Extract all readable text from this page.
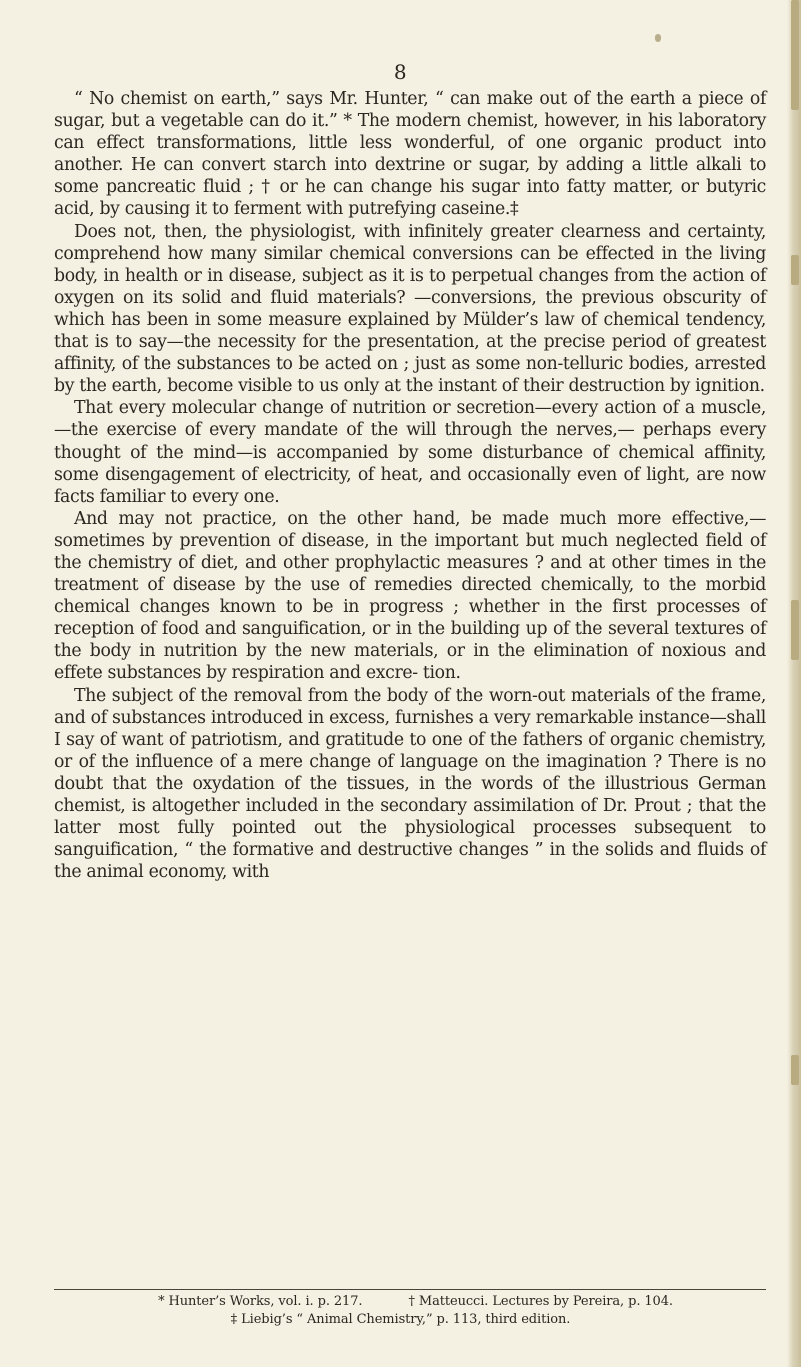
8

“ No chemist on earth,” says Mr. Hunter, “ can make out of the earth a piece of sugar, but a vegetable can do it.” * The modern chemist, however, in his laboratory can effect transformations, little less wonderful, of one organic product into another. He can convert starch into dextrine or sugar, by adding a little alkali to some pancreatic fluid ; † or he can change his sugar into fatty matter, or butyric acid, by causing it to ferment with putrefying caseine.‡

Does not, then, the physiologist, with infinitely greater clearness and certainty, comprehend how many similar chemical conversions can be effected in the living body, in health or in disease, subject as it is to perpetual changes from the action of oxygen on its solid and fluid materials? —conversions, the previous obscurity of which has been in some measure explained by Mülder’s law of chemical tendency, that is to say—the necessity for the presentation, at the precise period of greatest affinity, of the substances to be acted on ; just as some non-telluric bodies, arrested by the earth, become visible to us only at the instant of their destruction by ignition.

That every molecular change of nutrition or secretion—every action of a muscle,—the exercise of every mandate of the will through the nerves,— perhaps every thought of the mind—is accompanied by some disturbance of chemical affinity, some disengagement of electricity, of heat, and occasionally even of light, are now facts familiar to every one.

And may not practice, on the other hand, be made much more effective,— sometimes by prevention of disease, in the important but much neglected field of the chemistry of diet, and other prophylactic measures ? and at other times in the treatment of disease by the use of remedies directed chemically, to the morbid chemical changes known to be in progress ; whether in the first processes of reception of food and sanguification, or in the building up of the several textures of the body in nutrition by the new materials, or in the elimination of noxious and effete substances by respiration and excre- tion.

The subject of the removal from the body of the worn-out materials of the frame, and of substances introduced in excess, furnishes a very remarkable instance—shall I say of want of patriotism, and gratitude to one of the fathers of organic chemistry, or of the influence of a mere change of language on the imagination ? There is no doubt that the oxydation of the tissues, in the words of the illustrious German chemist, is altogether included in the secondary assimilation of Dr. Prout ; that the latter most fully pointed out the physiological processes subsequent to sanguification, “ the formative and destructive changes ” in the solids and fluids of the animal economy, with

* Hunter’s Works, vol. i. p. 217.	† Matteucci. Lectures by Pereira, p. 104.
‡ Liebig’s “ Animal Chemistry,” p. 113, third edition.
